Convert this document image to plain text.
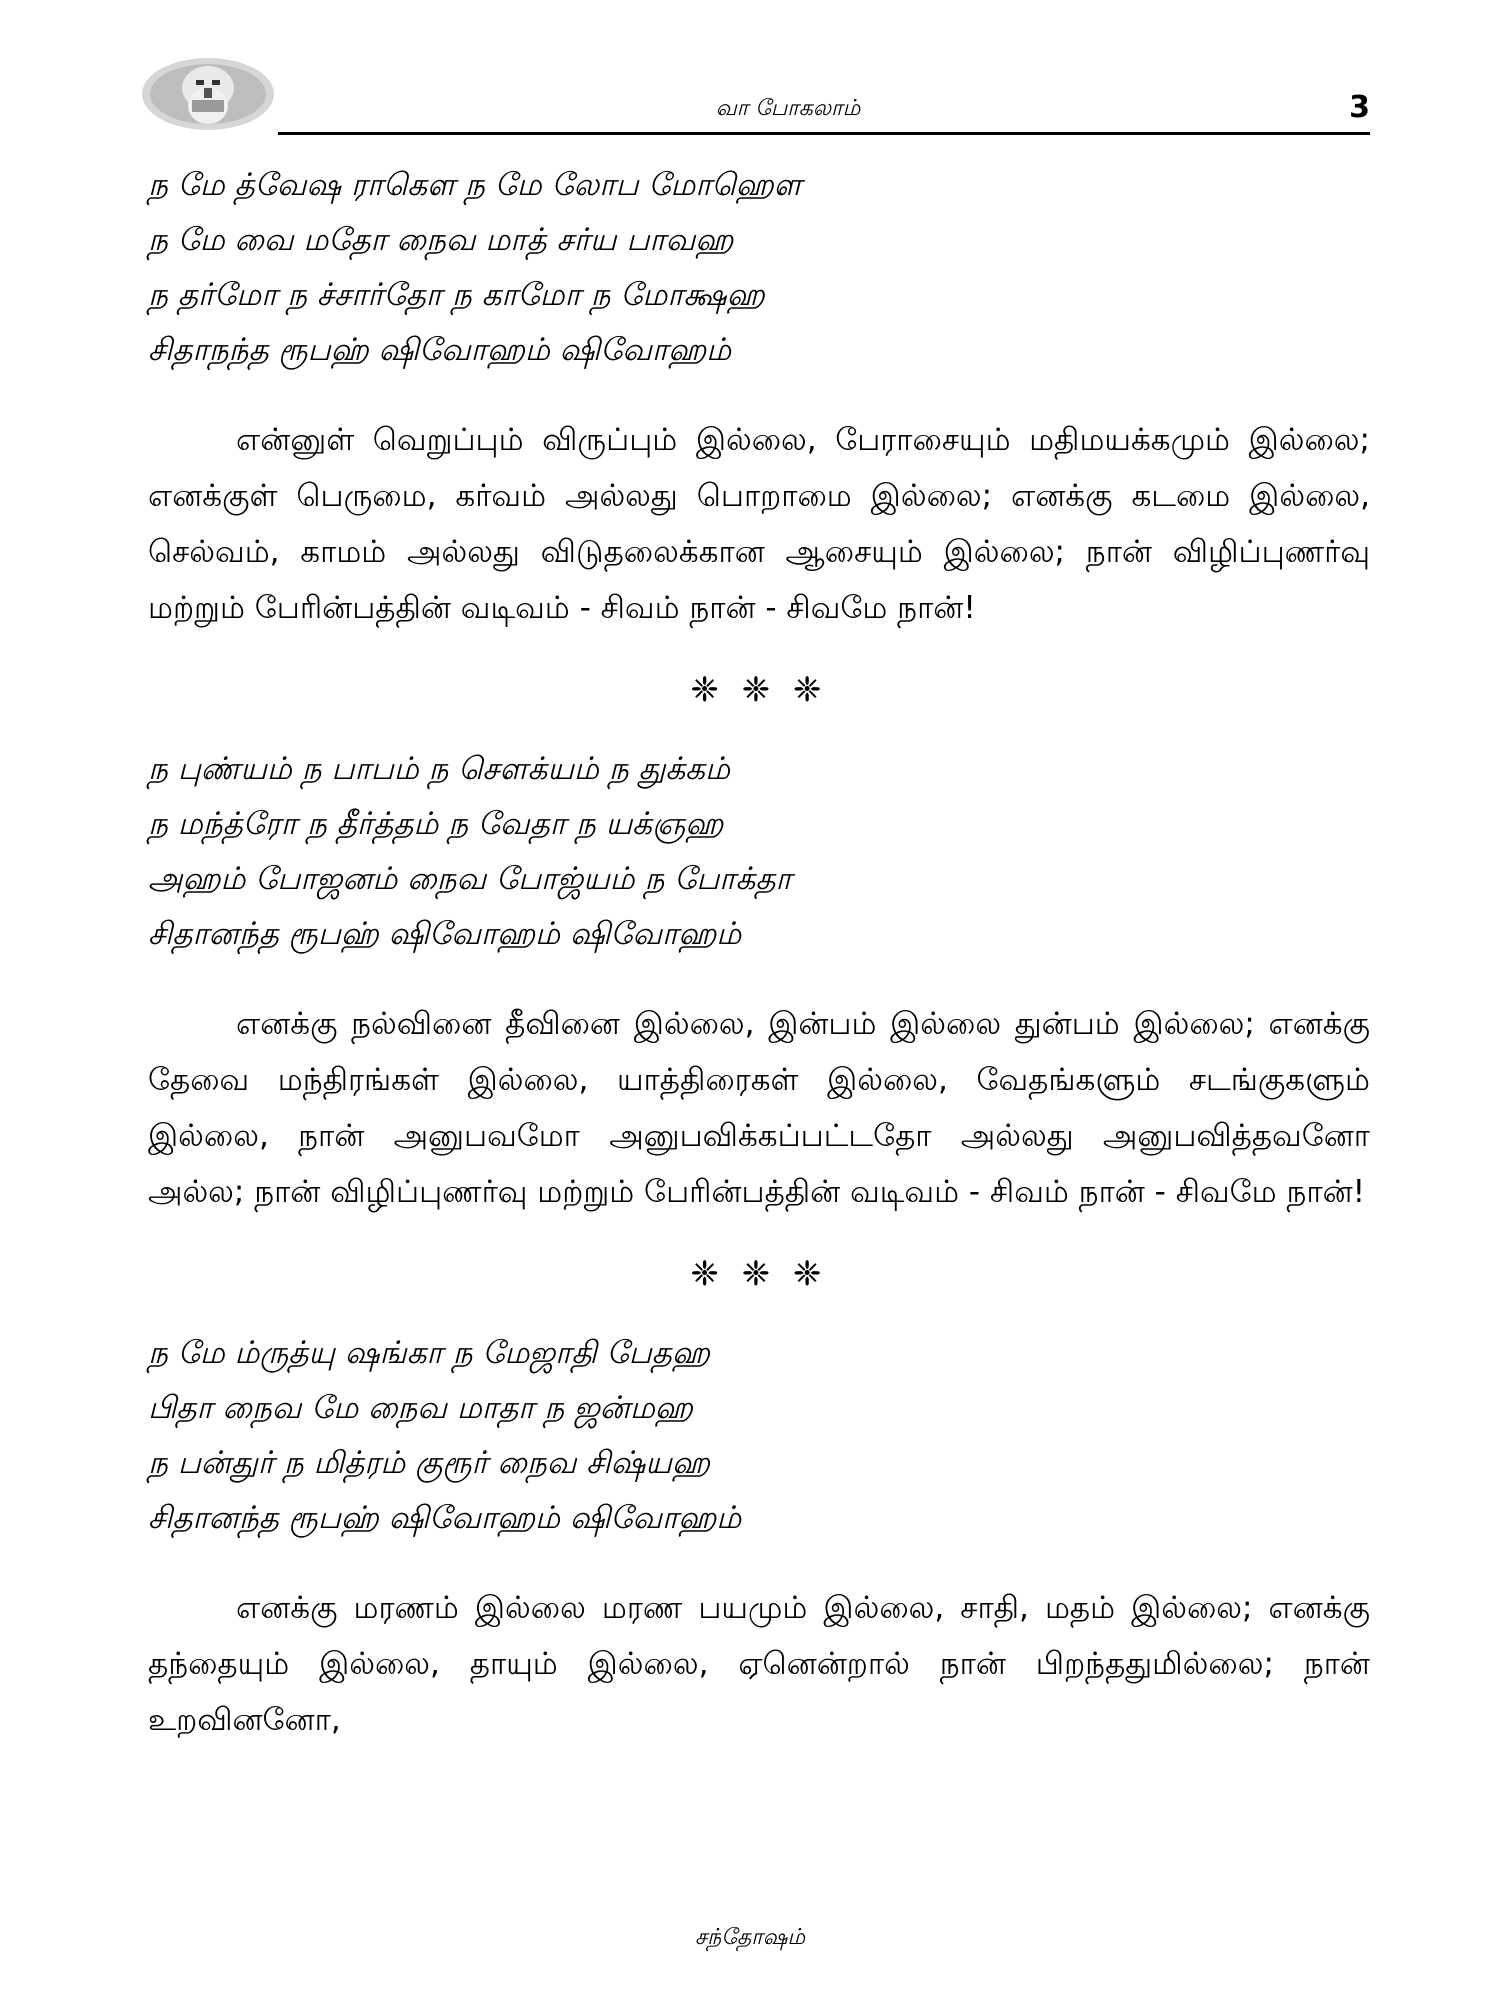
வா போகலாம்	3
ந மே த்வேஷ ராகௌ ந மே லோப மோஹௌ
ந மே வை மதோ நைவ மாத் சர்ய பாவஹ
ந தர்மோ ந ச்சார்தோ ந காமோ ந மோக்ஷஹ
சிதாநந்த ரூபஹ் ஷிவோஹம் ஷிவோஹம்

என்னுள் வெறுப்பும் விருப்பும் இல்லை, பேராசையும் மதிமயக்கமும் இல்லை; எனக்குள் பெருமை, கர்வம் அல்லது பொறாமை இல்லை; எனக்கு கடமை இல்லை, செல்வம், காமம் அல்லது விடுதலைக்கான ஆசையும் இல்லை; நான் விழிப்புணர்வு மற்றும் பேரின்பத்தின் வடிவம் - சிவம் நான் - சிவமே நான்!

❈ ❈ ❈
ந புண்யம் ந பாபம் ந சௌக்யம் ந துக்கம்
ந மந்த்ரோ ந தீர்த்தம் ந வேதா ந யக்ஞஹ
அஹம் போஜனம் நைவ போஜ்யம் ந போக்தா
சிதானந்த ரூபஹ் ஷிவோஹம் ஷிவோஹம்

எனக்கு நல்வினை தீவினை இல்லை, இன்பம் இல்லை துன்பம் இல்லை; எனக்கு தேவை மந்திரங்கள் இல்லை, யாத்திரைகள் இல்லை, வேதங்களும் சடங்குகளும் இல்லை, நான் அனுபவமோ அனுபவிக்கப்பட்டதோ அல்லது அனுபவித்தவனோ அல்ல; நான் விழிப்புணர்வு மற்றும் பேரின்பத்தின் வடிவம் - சிவம் நான் - சிவமே நான்!

❈ ❈ ❈
ந மே ம்ருத்யு ஷங்கா ந மேஜாதி பேதஹ
பிதா நைவ மே நைவ மாதா ந ஜன்மஹ
ந பன்துர் ந மித்ரம் குரூர் நைவ சிஷ்யஹ
சிதானந்த ரூபஹ் ஷிவோஹம் ஷிவோஹம்

எனக்கு மரணம் இல்லை மரண பயமும் இல்லை, சாதி, மதம் இல்லை; எனக்கு தந்தையும் இல்லை, தாயும் இல்லை, ஏனென்றால் நான் பிறந்ததுமில்லை; நான் உறவினனோ,

சந்தோஷம்
